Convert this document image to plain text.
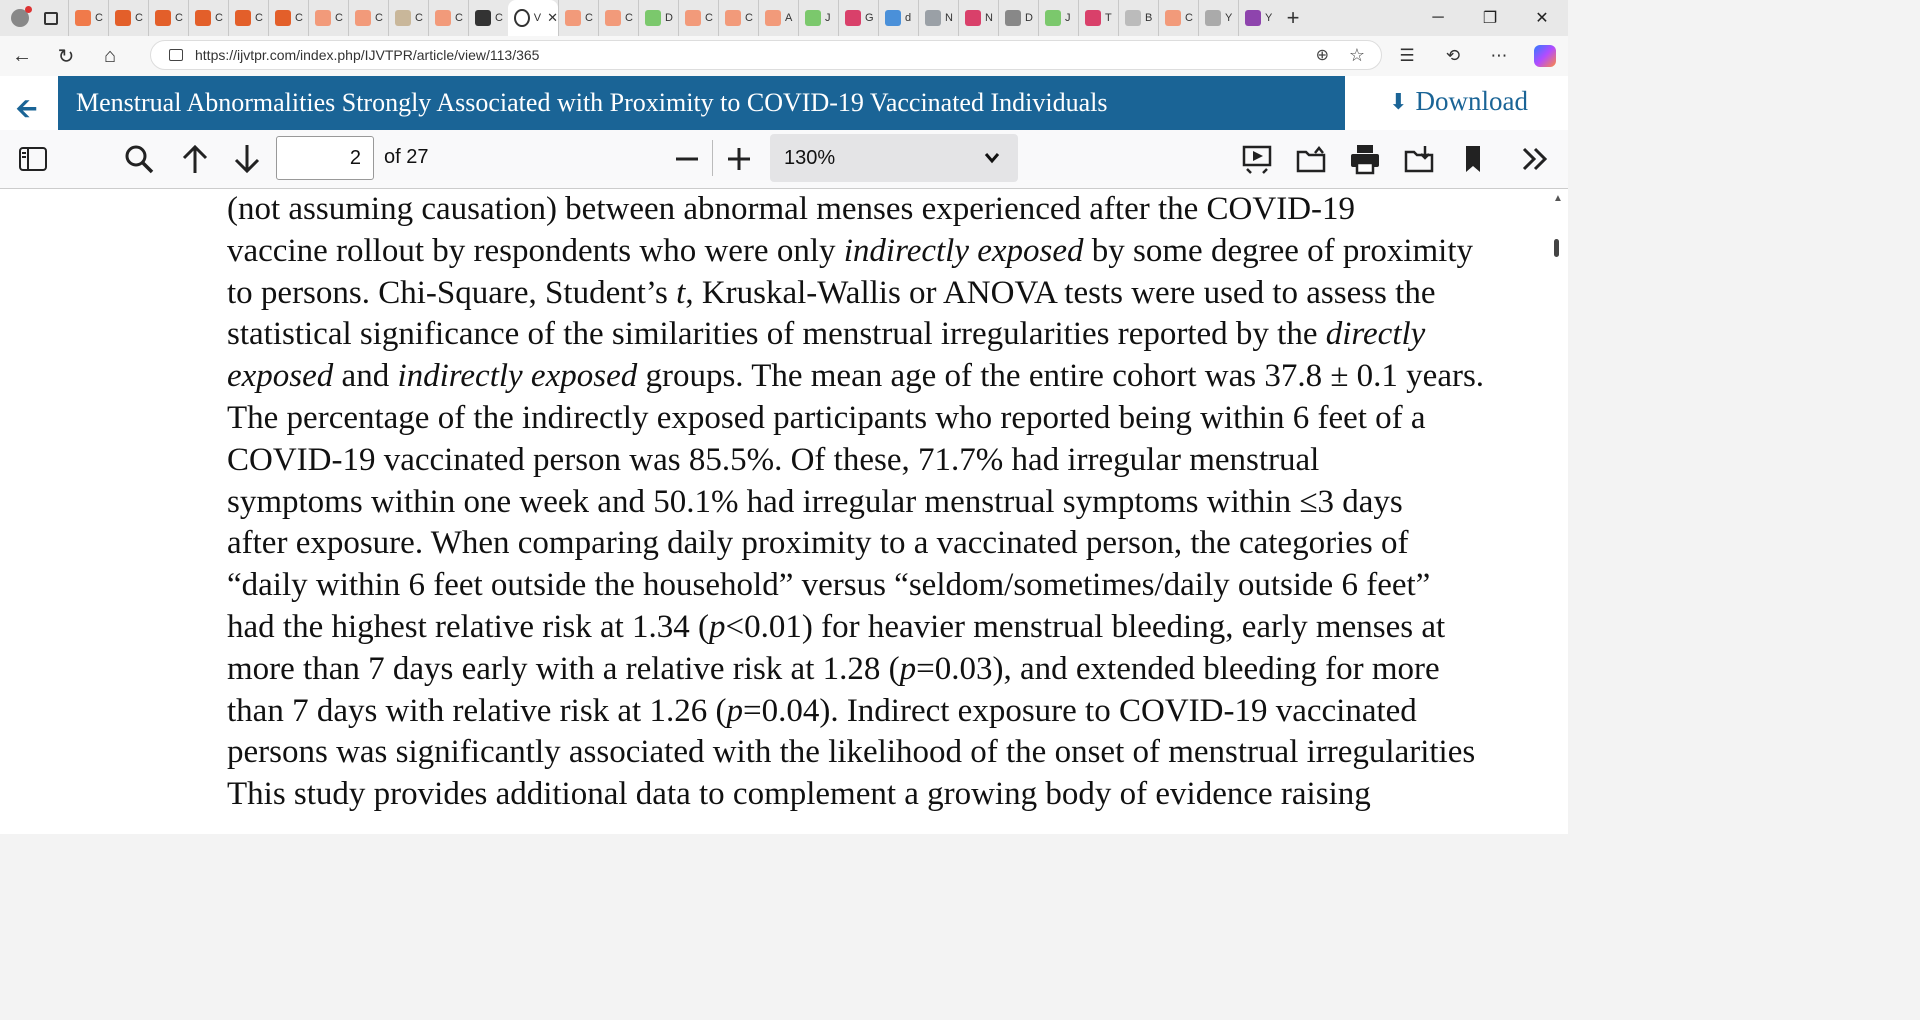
C	C	C	C	C	C	C	C	C	C	C	V ✕ C	C	D	C	C	A	J	G	d	N	N	D	J	T	B	C	Y	Y +	─	❐	✕
←	↻	⌂	https://ijvtpr.com/index.php/IJVTPR/article/view/113/365	⊕ ☆	☰	⟲	⋯
🡨 Menstrual Abnormalities Strongly Associated with Proximity to COVID-19 Vaccinated Individuals	⬇ Download
2	of 27	130%
(not assuming causation) between abnormal menses experienced after the COVID-19
vaccine rollout by respondents who were only indirectly exposed by some degree of proximity
to persons. Chi-Square, Student’s t, Kruskal-Wallis or ANOVA tests were used to assess the
statistical significance of the similarities of menstrual irregularities reported by the directly
exposed and indirectly exposed groups. The mean age of the entire cohort was 37.8 ± 0.1 years.
The percentage of the indirectly exposed participants who reported being within 6 feet of a
COVID-19 vaccinated person was 85.5%. Of these, 71.7% had irregular menstrual
symptoms within one week and 50.1% had irregular menstrual symptoms within ≤3 days
after exposure. When comparing daily proximity to a vaccinated person, the categories of
“daily within 6 feet outside the household” versus “seldom/sometimes/daily outside 6 feet”
had the highest relative risk at 1.34 (p<0.01) for heavier menstrual bleeding, early menses at
more than 7 days early with a relative risk at 1.28 (p=0.03), and extended bleeding for more
than 7 days with relative risk at 1.26 (p=0.04). Indirect exposure to COVID-19 vaccinated
persons was significantly associated with the likelihood of the onset of menstrual irregularities
This study provides additional data to complement a growing body of evidence raising
▲
